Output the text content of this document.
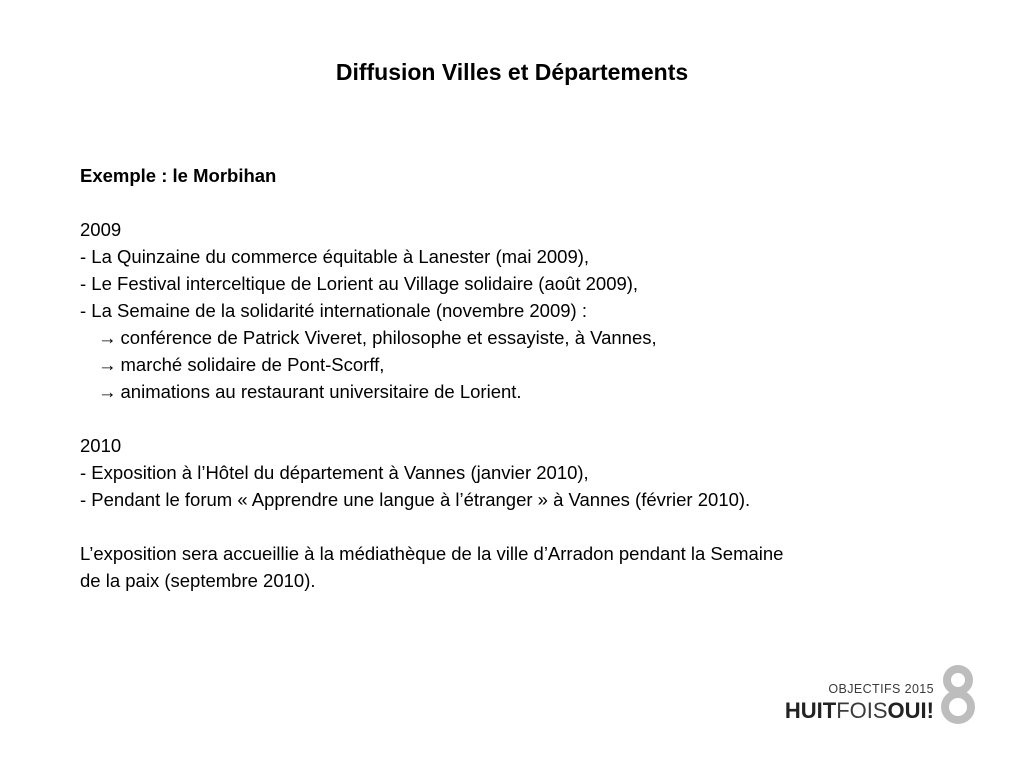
Diffusion Villes et Départements
Exemple : le Morbihan
2009
- La Quinzaine du commerce équitable à Lanester (mai 2009),
- Le Festival interceltique de Lorient au Village solidaire (août 2009),
- La Semaine de la solidarité internationale (novembre 2009) :
→ conférence de Patrick Viveret, philosophe et essayiste, à Vannes,
→ marché solidaire de Pont-Scorff,
→ animations au restaurant universitaire de Lorient.
2010
- Exposition à l’Hôtel du département à Vannes (janvier 2010),
- Pendant le forum « Apprendre une langue à l’étranger » à Vannes (février 2010).
L’exposition sera accueillie à la médiathèque de la ville d’Arradon pendant la Semaine
de la paix (septembre 2010).
OBJECTIFS 2015
HUITFOISOUI!
